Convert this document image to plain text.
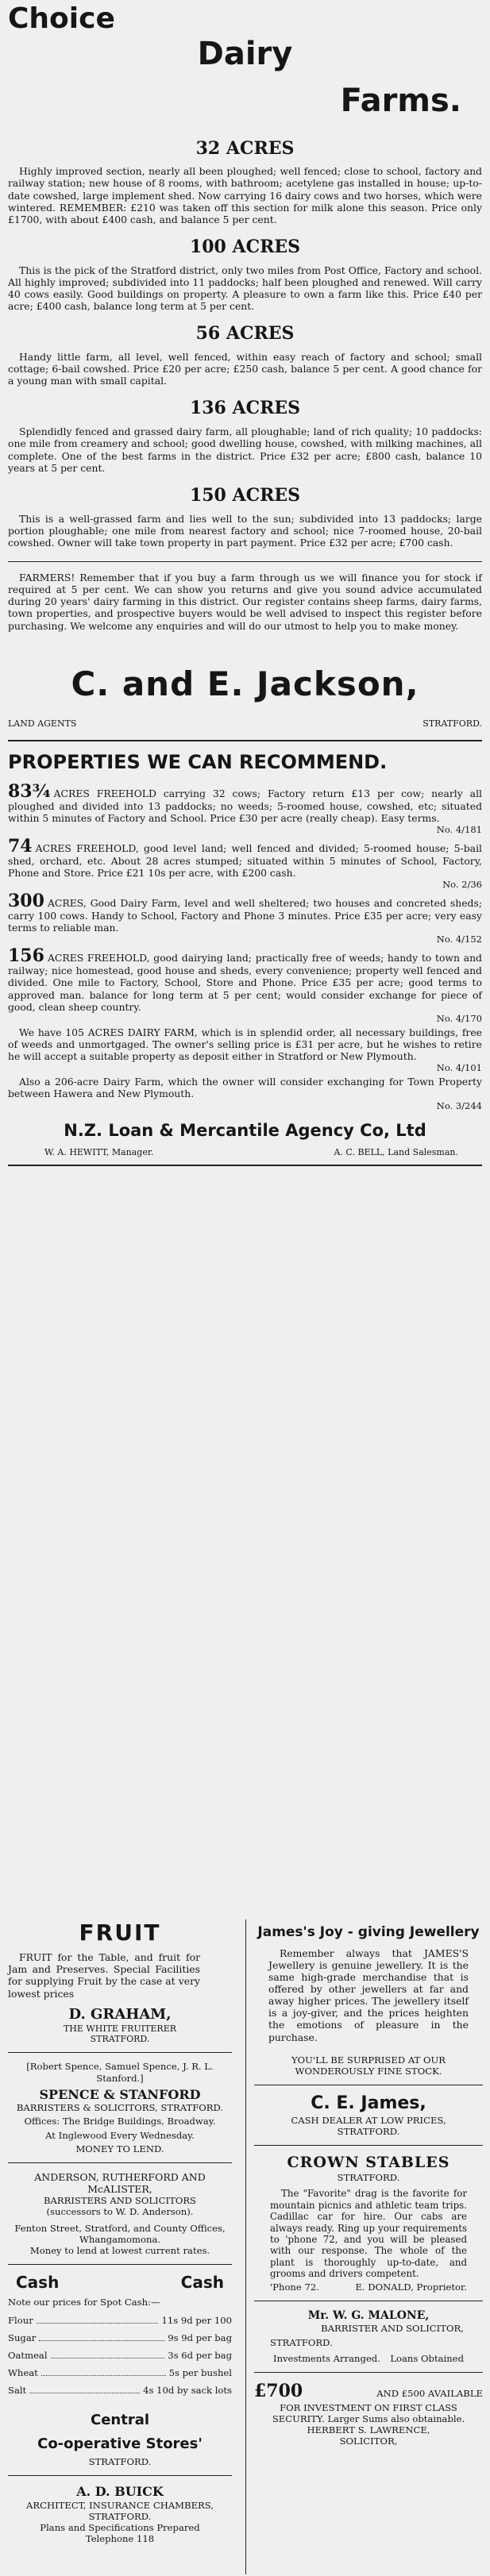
Choice
Dairy
Farms.
32 ACRES

Highly improved section, nearly all been ploughed; well fenced; close to school, factory and railway station; new house of 8 rooms, with bathroom; acetylene gas installed in house; up-to- date cowshed, large implement shed. Now carrying 16 dairy cows and two horses, which were wintered. REMEMBER: £210 was taken off this section for milk alone this season. Price only £1700, with about £400 cash, and balance 5 per cent.

100 ACRES

This is the pick of the Stratford district, only two miles from Post Office, Factory and school. All highly improved; subdivided into 11 paddocks; half been ploughed and renewed. Will carry 40 cows easily. Good buildings on property. A pleasure to own a farm like this. Price £40 per acre; £400 cash, balance long term at 5 per cent.

56 ACRES

Handy little farm, all level, well fenced, within easy reach of factory and school; small cottage; 6-bail cowshed. Price £20 per acre; £250 cash, balance 5 per cent. A good chance for a young man with small capital.

136 ACRES

Splendidly fenced and grassed dairy farm, all ploughable; land of rich quality; 10 paddocks: one mile from creamery and school; good dwelling house, cowshed, with milking machines, all complete. One of the best farms in the district. Price £32 per acre; £800 cash, balance 10 years at 5 per cent.

150 ACRES

This is a well-grassed farm and lies well to the sun; subdivided into 13 paddocks; large portion ploughable; one mile from nearest factory and school; nice 7-roomed house, 20-bail cowshed. Owner will take town property in part payment. Price £32 per acre; £700 cash.

FARMERS! Remember that if you buy a farm through us we will finance you for stock if required at 5 per cent. We can show you returns and give you sound advice accumulated during 20 years' dairy farming in this district. Our register contains sheep farms, dairy farms, town properties, and prospective buyers would be well advised to inspect this register before purchasing. We welcome any enquiries and will do our utmost to help you to make money.

C. and E. Jackson,
LAND AGENTS	STRATFORD.
PROPERTIES WE CAN RECOMMEND.

83¾ ACRES FREEHOLD carrying 32 cows; Factory return £13 per cow; nearly all ploughed and divided into 13 paddocks; no weeds; 5-roomed house, cowshed, etc; situated within 5 minutes of Factory and School. Price £30 per acre (really cheap). Easy terms.

No. 4/181

74 ACRES FREEHOLD, good level land; well fenced and divided; 5-roomed house; 5-bail shed, orchard, etc. About 28 acres stumped; situated within 5 minutes of School, Factory, Phone and Store. Price £21 10s per acre, with £200 cash.

No. 2/36

300 ACRES, Good Dairy Farm, level and well sheltered; two houses and concreted sheds; carry 100 cows. Handy to School, Factory and Phone 3 minutes. Price £35 per acre; very easy terms to reliable man.

No. 4/152

156 ACRES FREEHOLD, good dairying land; practically free of weeds; handy to town and railway; nice homestead, good house and sheds, every convenience; property well fenced and divided. One mile to Factory, School, Store and Phone. Price £35 per acre; good terms to approved man. balance for long term at 5 per cent; would consider exchange for piece of good, clean sheep country.

No. 4/170

We have 105 ACRES DAIRY FARM, which is in splendid order, all necessary buildings, free of weeds and unmortgaged. The owner's selling price is £31 per acre, but he wishes to retire he will accept a suitable property as deposit either in Stratford or New Plymouth.

No. 4/101

Also a 206-acre Dairy Farm, which the owner will consider exchanging for Town Property between Hawera and New Plymouth.

No. 3/244
N.Z. Loan & Mercantile Agency Co, Ltd
W. A. HEWITT, Manager.	A. C. BELL, Land Salesman.
FRUIT

FRUIT for the Table, and fruit for Jam and Preserves. Special Facilities for supplying Fruit by the case at very lowest prices

D. GRAHAM,
THE WHITE FRUITERER
STRATFORD.
[Robert Spence, Samuel Spence, J. R. L. Stanford.]
SPENCE & STANFORD
BARRISTERS & SOLICITORS, STRATFORD.
Offices: The Bridge Buildings, Broadway.
At Inglewood Every Wednesday.
MONEY TO LEND.
ANDERSON, RUTHERFORD AND McALISTER,
BARRISTERS AND SOLICITORS
(successors to W. D. Anderson).
Fenton Street, Stratford, and County Offices, Whangamomona.
Money to lend at lowest current rates.
Cash	Cash
Note our prices for Spot Cash:—
Flour	11s 9d per 100
Sugar	9s 9d per bag
Oatmeal	3s 6d per bag
Wheat	5s per bushel
Salt	4s 10d by sack lots
Central
Co-operative Stores'
STRATFORD.
A. D. BUICK
ARCHITECT, INSURANCE CHAMBERS, STRATFORD.
Plans and Specifications Prepared
Telephone 118
James's Joy - giving Jewellery

Remember always that JAMES'S Jewellery is genuine jewellery. It is the same high-grade merchandise that is offered by other jewellers at far and away higher prices. The jewellery itself is a joy-giver, and the prices heighten the emotions of pleasure in the purchase.

YOU'LL BE SURPRISED AT OUR WONDEROUSLY FINE STOCK.
C. E. James,
CASH DEALER AT LOW PRICES, STRATFORD.
CROWN STABLES
STRATFORD.

The "Favorite" drag is the favorite for mountain picnics and athletic team trips. Cadillac car for hire. Our cabs are always ready. Ring up your requirements to 'phone 72, and you will be pleased with our response. The whole of the plant is thoroughly up-to-date, and grooms and drivers competent.

'Phone 72.	E. DONALD, Proprietor.
Mr. W. G. MALONE,
BARRISTER AND SOLICITOR,
STRATFORD.
Investments Arranged. Loans Obtained
£700	AND £500 AVAILABLE
FOR INVESTMENT ON FIRST CLASS SECURITY. Larger Sums also obtainable.
HERBERT S. LAWRENCE,
SOLICITOR,
